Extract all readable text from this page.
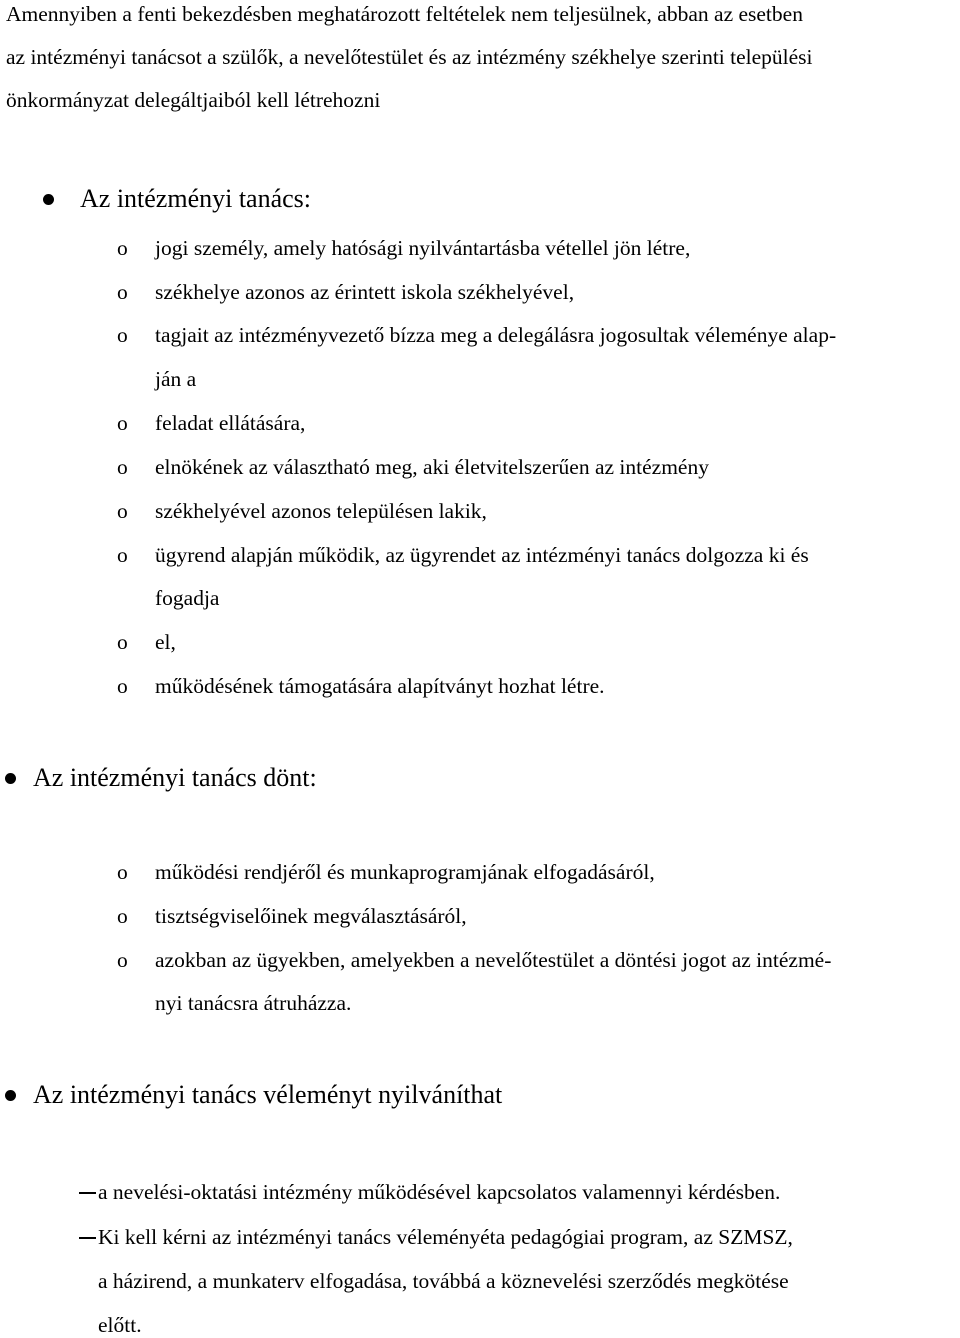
Amennyiben a fenti bekezdésben meghatározott feltételek nem teljesülnek, abban az esetben
az intézményi tanácsot a szülők, a nevelőtestület és az intézmény székhelye szerinti települési
önkormányzat delegáltjaiból kell létrehozni
Az intézményi tanács:
o jogi személy, amely hatósági nyilvántartásba vétellel jön létre,
o székhelye azonos az érintett iskola székhelyével,
o tagjait az intézményvezető bízza meg a delegálásra jogosultak véleménye alap-
ján a
o feladat ellátására,
o elnökének az választható meg, aki életvitelszerűen az intézmény
o székhelyével azonos településen lakik,
o ügyrend alapján működik, az ügyrendet az intézményi tanács dolgozza ki és
fogadja
o el,
o működésének támogatására alapítványt hozhat létre.
Az intézményi tanács dönt:
o működési rendjéről és munkaprogramjának elfogadásáról,
o tisztségviselőinek megválasztásáról,
o azokban az ügyekben, amelyekben a nevelőtestület a döntési jogot az intézmé-
nyi tanácsra átruházza.
Az intézményi tanács véleményt nyilváníthat
a nevelési-oktatási intézmény működésével kapcsolatos valamennyi kérdésben.
Ki kell kérni az intézményi tanács véleményéta pedagógiai program, az SZMSZ,
a házirend, a munkaterv elfogadása, továbbá a köznevelési szerződés megkötése
előtt.
